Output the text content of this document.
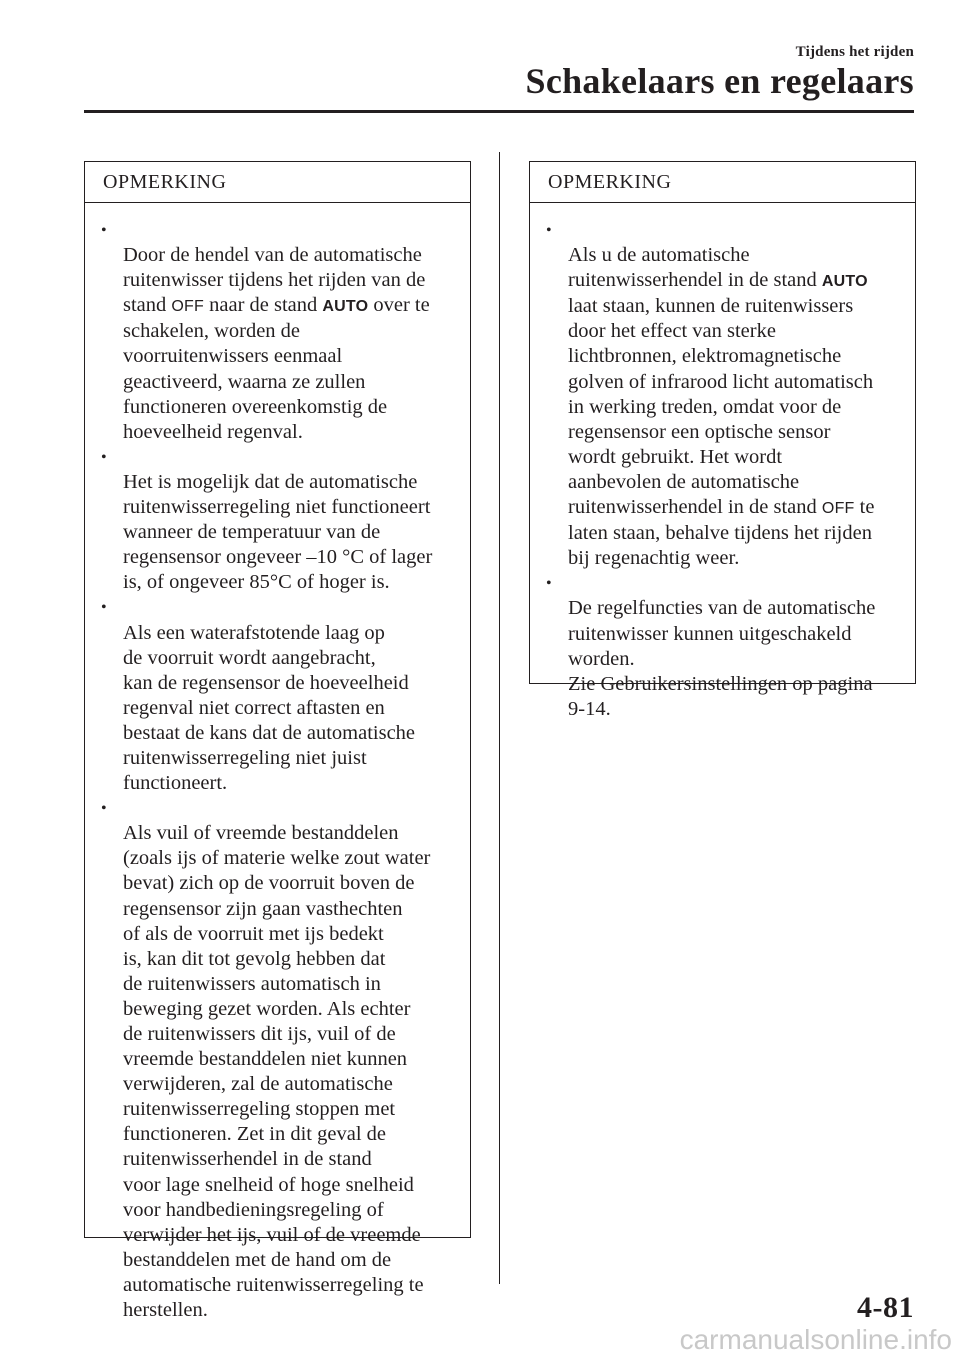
Tijdens het rijden
Schakelaars en regelaars
OPMERKING

•
Door de hendel van de automatische
ruitenwisser tijdens het rijden van de
stand OFF naar de stand AUTO over te
schakelen, worden de
voorruitenwissers eenmaal
geactiveerd, waarna ze zullen
functioneren overeenkomstig de
hoeveelheid regenval.

•
Het is mogelijk dat de automatische
ruitenwisserregeling niet functioneert
wanneer de temperatuur van de
regensensor ongeveer –10 °C of lager
is, of ongeveer 85°C of hoger is.

•
Als een waterafstotende laag op
de voorruit wordt aangebracht,
kan de regensensor de hoeveelheid
regenval niet correct aftasten en
bestaat de kans dat de automatische
ruitenwisserregeling niet juist
functioneert.

•
Als vuil of vreemde bestanddelen
(zoals ijs of materie welke zout water
bevat) zich op de voorruit boven de
regensensor zijn gaan vasthechten
of als de voorruit met ijs bedekt
is, kan dit tot gevolg hebben dat
de ruitenwissers automatisch in
beweging gezet worden. Als echter
de ruitenwissers dit ijs, vuil of de
vreemde bestanddelen niet kunnen
verwijderen, zal de automatische
ruitenwisserregeling stoppen met
functioneren. Zet in dit geval de
ruitenwisserhendel in de stand
voor lage snelheid of hoge snelheid
voor handbedieningsregeling of
verwijder het ijs, vuil of de vreemde
bestanddelen met de hand om de
automatische ruitenwisserregeling te
herstellen.

OPMERKING

•
Als u de automatische
ruitenwisserhendel in de stand AUTO
laat staan, kunnen de ruitenwissers
door het effect van sterke
lichtbronnen, elektromagnetische
golven of infrarood licht automatisch
in werking treden, omdat voor de
regensensor een optische sensor
wordt gebruikt. Het wordt
aanbevolen de automatische
ruitenwisserhendel in de stand OFF te
laten staan, behalve tijdens het rijden
bij regenachtig weer.

•
De regelfuncties van de automatische
ruitenwisser kunnen uitgeschakeld
worden.
Zie Gebruikersinstellingen op pagina
9-14.

4-81
carmanualsonline.info
